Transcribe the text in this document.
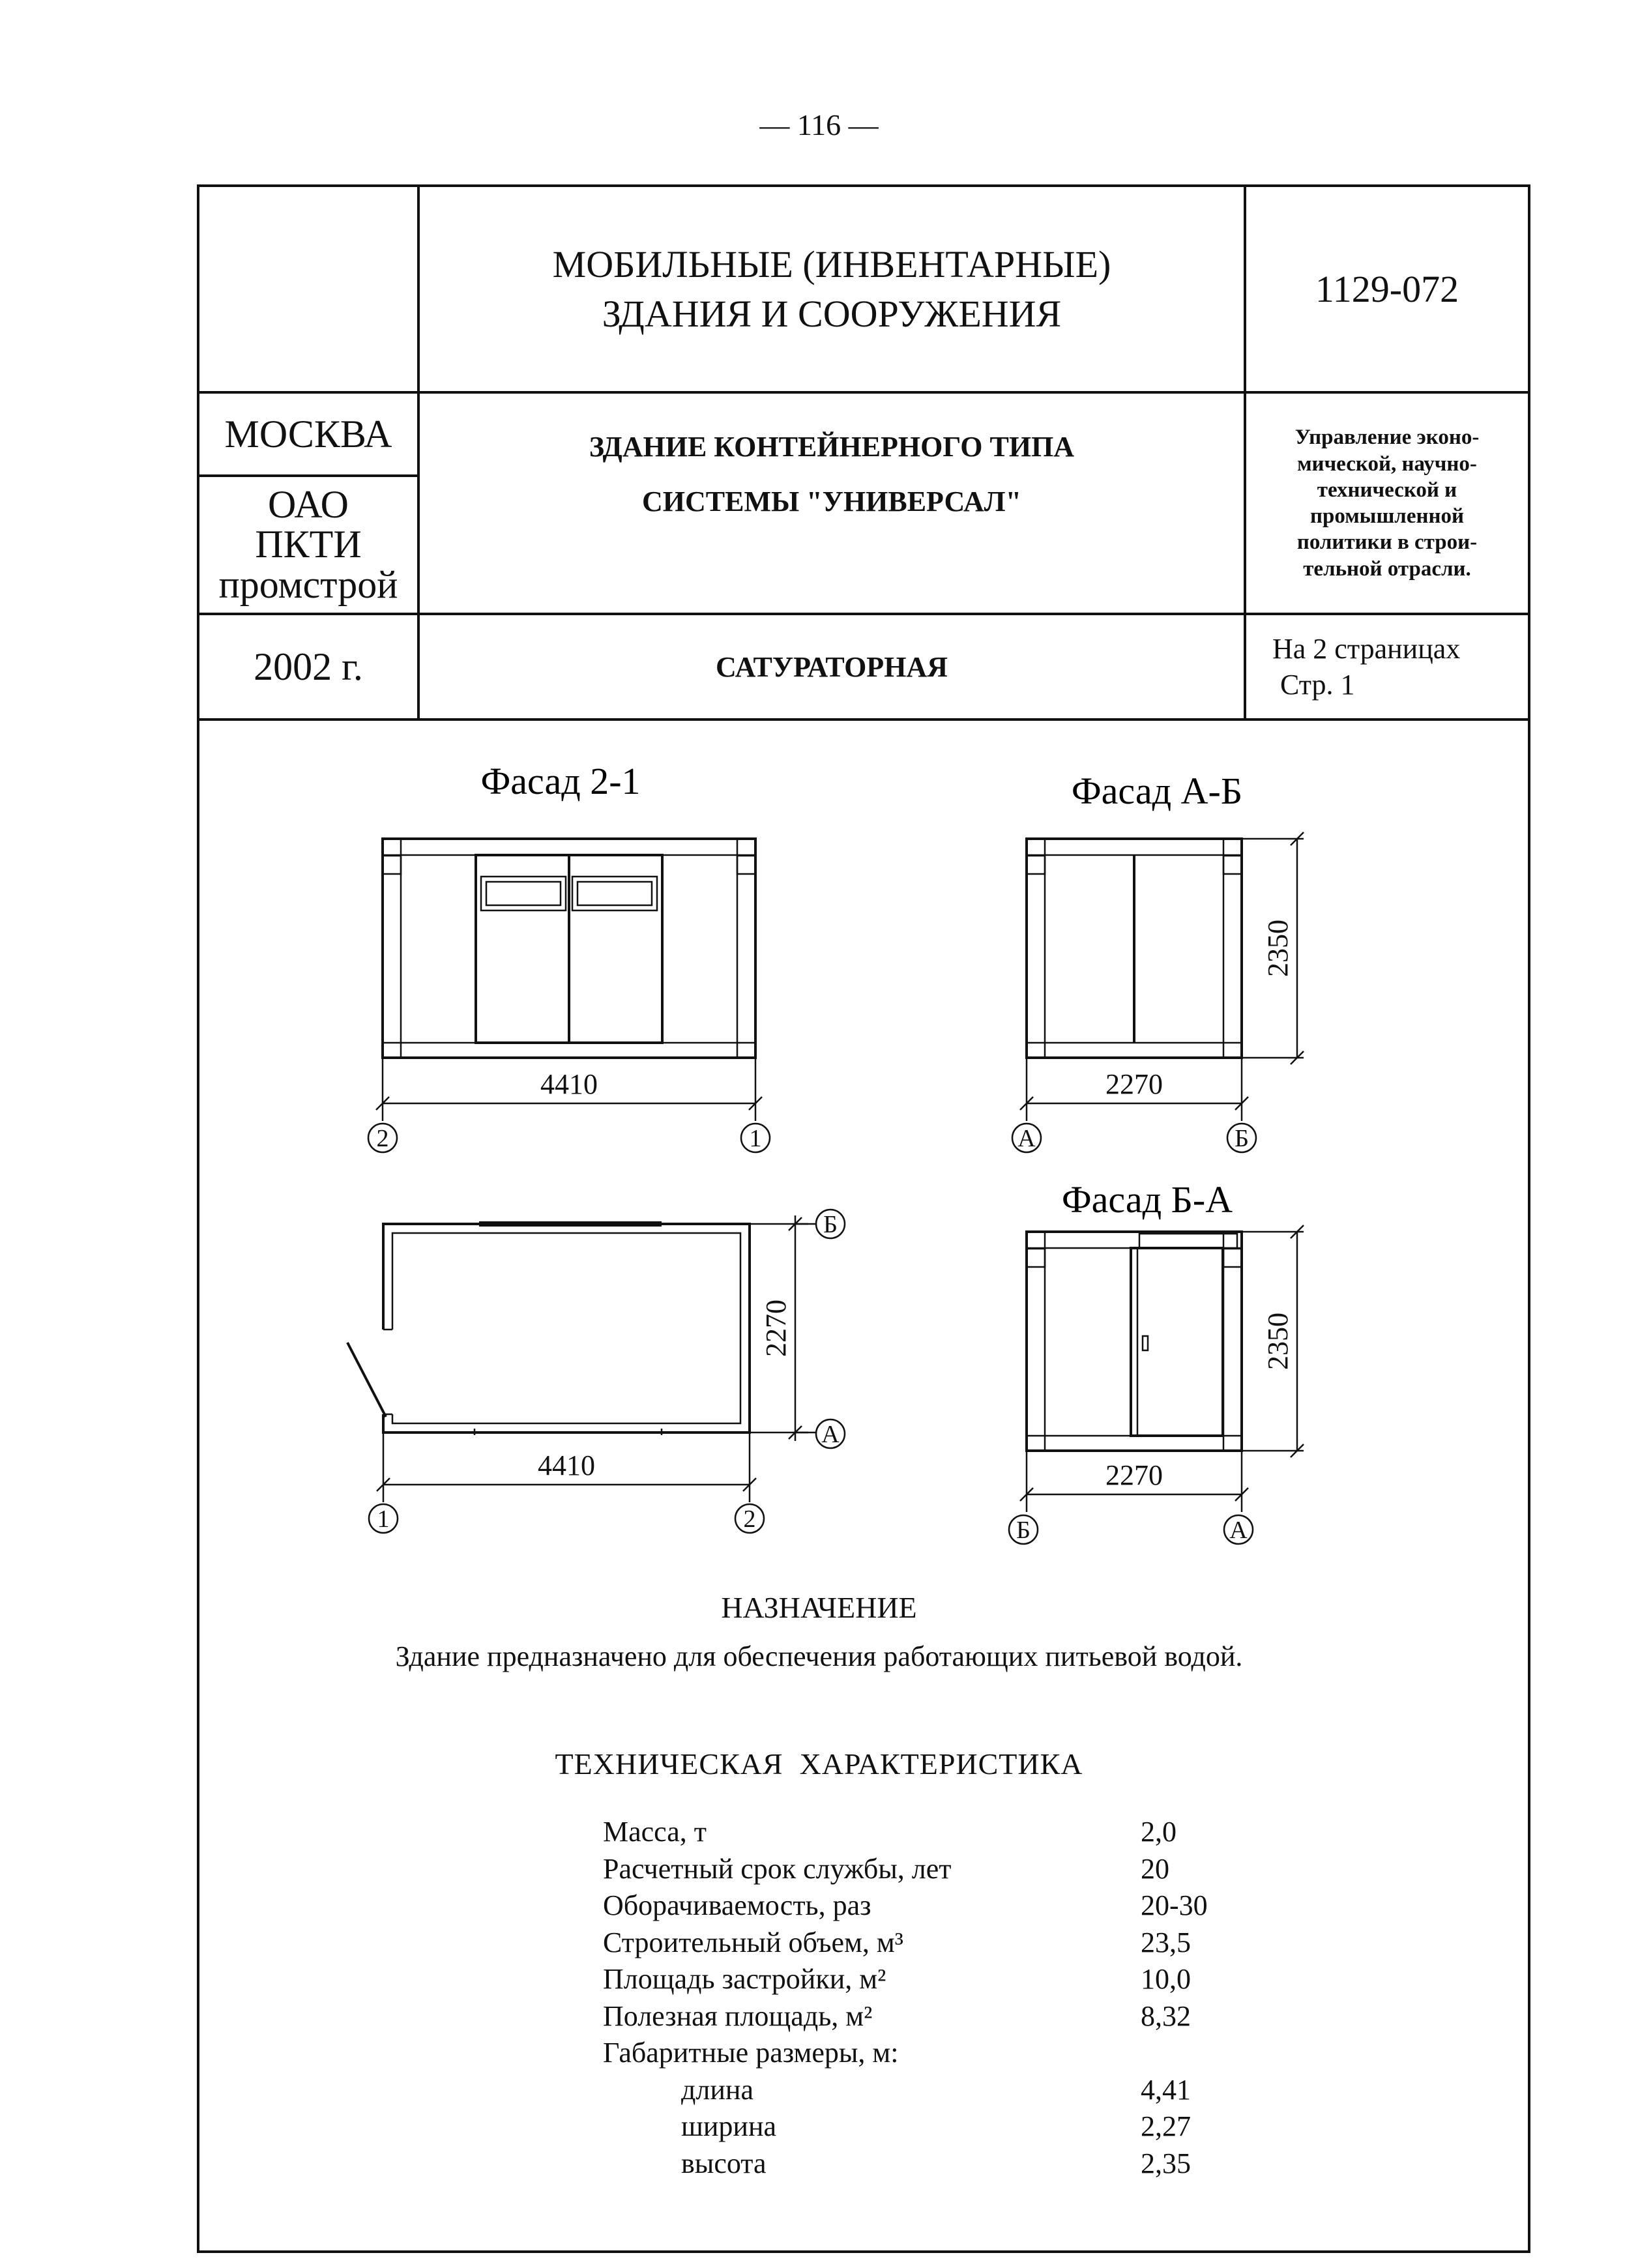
— 116 —
МОБИЛЬНЫЕ (ИНВЕНТАРНЫЕ)
ЗДАНИЯ И СООРУЖЕНИЯ
1129-072
МОСКВА
ОАО
ПКТИ
промстрой
ЗДАНИЕ КОНТЕЙНЕРНОГО ТИПА
СИСТЕМЫ "УНИВЕРСАЛ"
Управление эконо-
мической, научно-
технической и
промышленной
политики в строи-
тельной отрасли.
2002 г.	САТУРАТОРНАЯ
На 2 страницах
Стр. 1
Фасад 2-1	Фасад А-Б
Фасад Б-А
4410
2	1
2350
2270
А	Б
2270
Б
А
4410
1	2
2350
2270
Б	А
НАЗНАЧЕНИЕ
Здание предназначено для обеспечения работающих питьевой водой.
ТЕХНИЧЕСКАЯ  ХАРАКТЕРИСТИКА
Масса, т	2,0
Расчетный срок службы, лет	20
Оборачиваемость, раз	20-30
Строительный объем, м³	23,5
Площадь застройки, м²	10,0
Полезная площадь, м²	8,32
Габаритные размеры, м:
длина	4,41
ширина	2,27
высота	2,35
